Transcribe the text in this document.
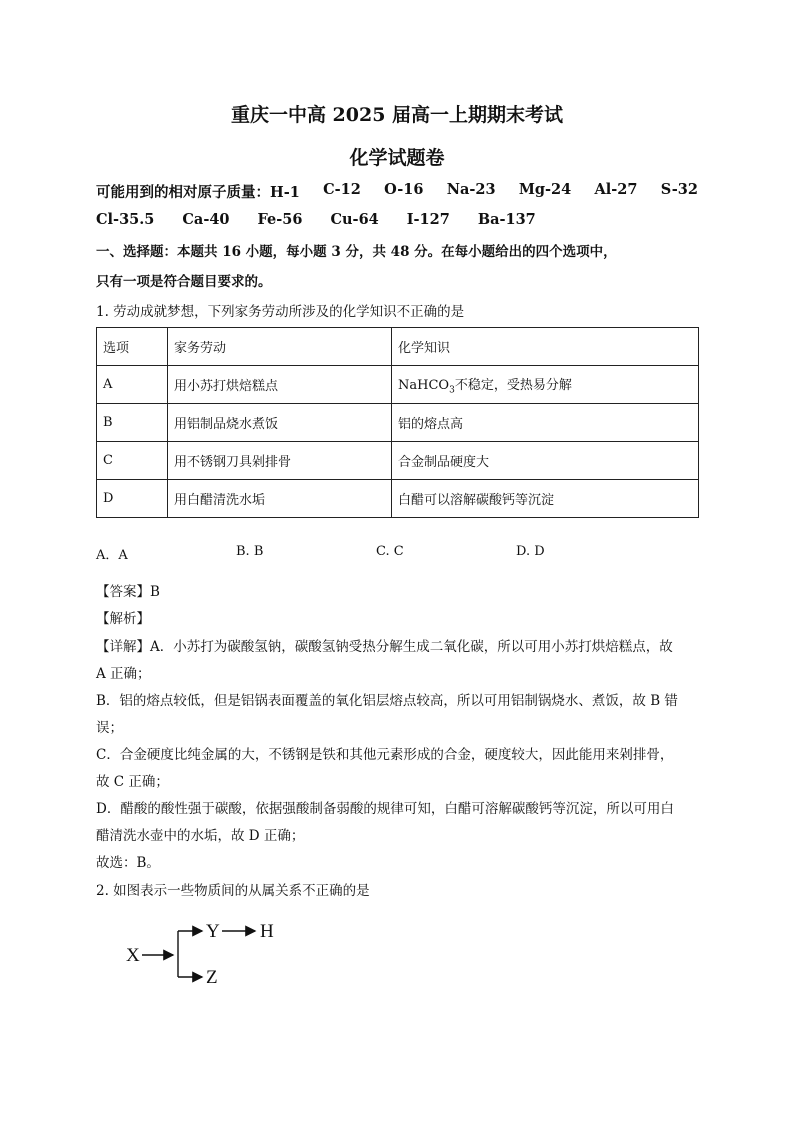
重庆一中高 2025 届高一上期期末考试
化学试题卷
可能用到的相对原子质量：H-1 C-12 O-16 Na-23 Mg-24 Al-27 S-32
Cl-35.5 Ca-40 Fe-56 Cu-64 I-127 Ba-137
一、选择题：本题共 16 小题，每小题 3 分，共 48 分。在每小题给出的四个选项中，
只有一项是符合题目要求的。
1. 劳动成就梦想，下列家务劳动所涉及的化学知识不正确的是
选项	家务劳动	化学知识
A	用小苏打烘焙糕点	NaHCO$_3$不稳定，受热易分解
B	用铝制品烧水煮饭	铝的熔点高
C	用不锈钢刀具剁排骨	合金制品硬度大
D	用白醋清洗水垢	白醋可以溶解碳酸钙等沉淀
A．A	B. B	C. C	D. D
【答案】B
【解析】
【详解】A．小苏打为碳酸氢钠，碳酸氢钠受热分解生成二氧化碳，所以可用小苏打烘焙糕点，故
A 正确；
B．铝的熔点较低，但是铝锅表面覆盖的氧化铝层熔点较高，所以可用铝制锅烧水、煮饭，故 B 错
误；
C．合金硬度比纯金属的大，不锈钢是铁和其他元素形成的合金，硬度较大，因此能用来剁排骨，
故 C 正确；
D．醋酸的酸性强于碳酸，依据强酸制备弱酸的规律可知，白醋可溶解碳酸钙等沉淀，所以可用白
醋清洗水壶中的水垢，故 D 正确；
故选：B。
2. 如图表示一些物质间的从属关系不正确的是
X
Y H
Z
